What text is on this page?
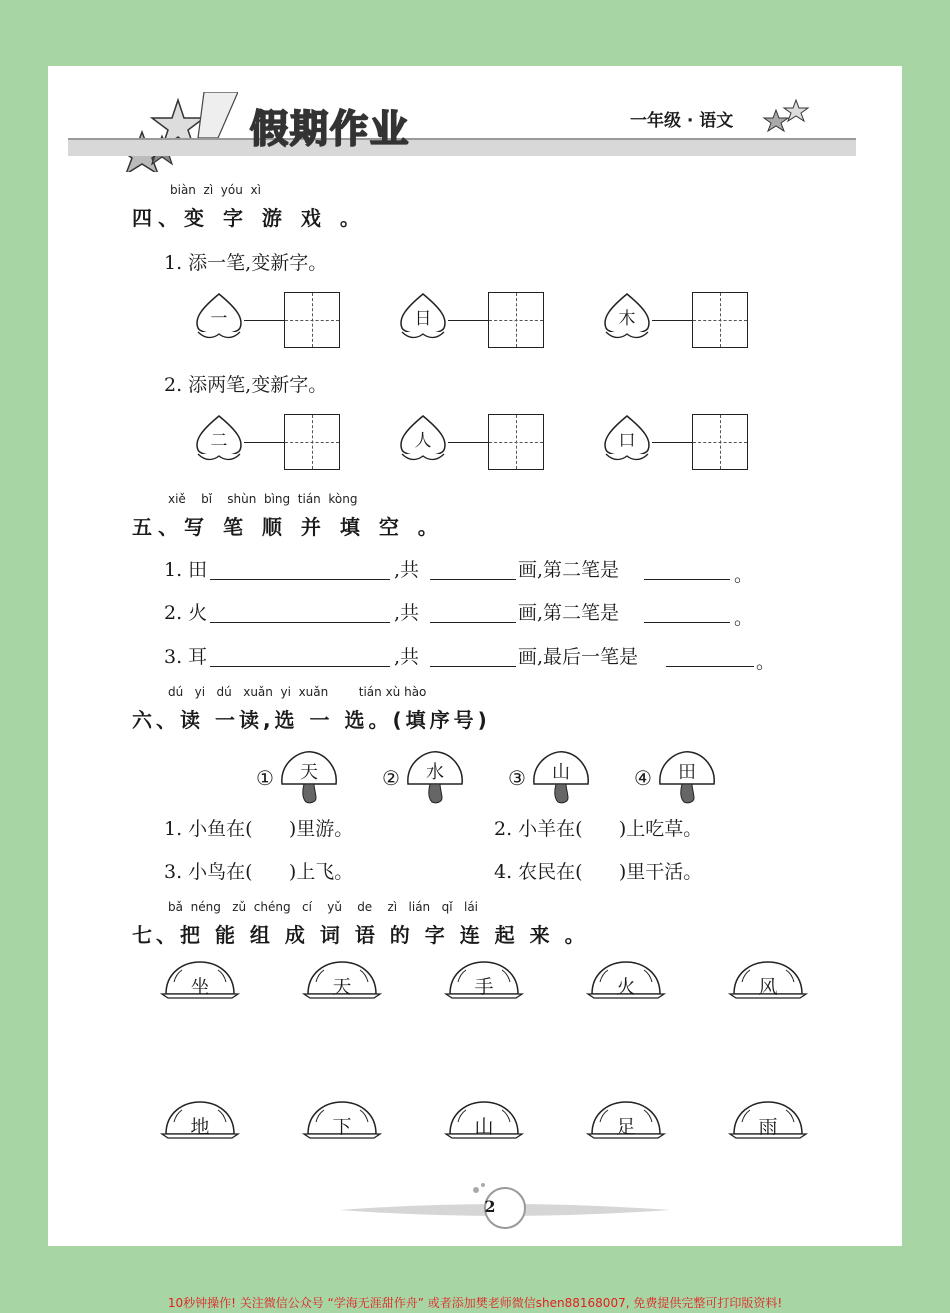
假期作业	一年级 · 语文
biàn  zì  yóu  xì
四、变 字 游 戏 。
1. 添一笔,变新字。
一	日	木
2. 添两笔,变新字。
二	人	口
xiě    bǐ    shùn  bìng  tián  kòng
五、写 笔 顺 并 填 空 。
1. 田	,共	画,第二笔是	。
2. 火	,共	画,第二笔是	。
3. 耳	,共	画,最后一笔是	。
dú   yi   dú   xuǎn  yi  xuǎn        tián xù hào
六、读 一读,选 一 选。(填序号)
①	天	②	水	③	山	④	田
1. 小鱼在(      )里游。	2. 小羊在(      )上吃草。
3. 小鸟在(      )上飞。	4. 农民在(      )里干活。
bǎ  néng   zǔ  chéng   cí    yǔ    de    zì   lián   qǐ   lái
七、把 能 组 成 词 语 的 字 连 起 来 。
坐	天	手	火	风
地	下	山	足	雨
2
10秒钟操作! 关注微信公众号 “学海无涯甜作舟” 或者添加樊老师微信shen88168007, 免费提供完整可打印版资料!
